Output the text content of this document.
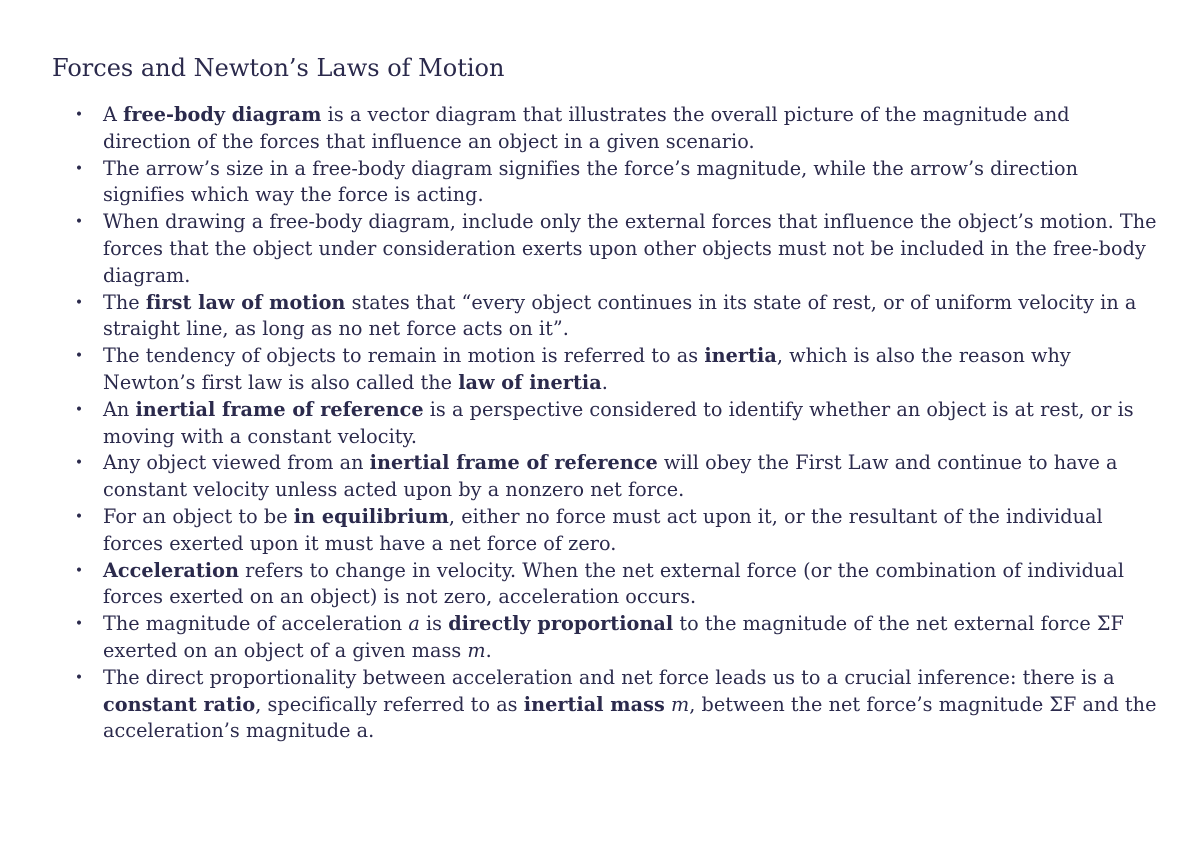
Forces and Newton’s Laws of Motion
• A free-body diagram is a vector diagram that illustrates the overall picture of the magnitude and direction of the forces that influence an object in a given scenario.
• The arrow’s size in a free-body diagram signifies the force’s magnitude, while the arrow’s direction signifies which way the force is acting.
• When drawing a free-body diagram, include only the external forces that influence the object’s motion. The forces that the object under consideration exerts upon other objects must not be included in the free-body diagram.
• The first law of motion states that “every object continues in its state of rest, or of uniform velocity in a straight line, as long as no net force acts on it”.
• The tendency of objects to remain in motion is referred to as inertia, which is also the reason why Newton’s first law is also called the law of inertia.
• An inertial frame of reference is a perspective considered to identify whether an object is at rest, or is moving with a constant velocity.
• Any object viewed from an inertial frame of reference will obey the First Law and continue to have a constant velocity unless acted upon by a nonzero net force.
• For an object to be in equilibrium, either no force must act upon it, or the resultant of the individual forces exerted upon it must have a net force of zero.
• Acceleration refers to change in velocity. When the net external force (or the combination of individual forces exerted on an object) is not zero, acceleration occurs.
• The magnitude of acceleration a is directly proportional to the magnitude of the net external force ΣF exerted on an object of a given mass m.
• The direct proportionality between acceleration and net force leads us to a crucial inference: there is a constant ratio, specifically referred to as inertial mass m, between the net force’s magnitude ΣF and the acceleration’s magnitude a.
